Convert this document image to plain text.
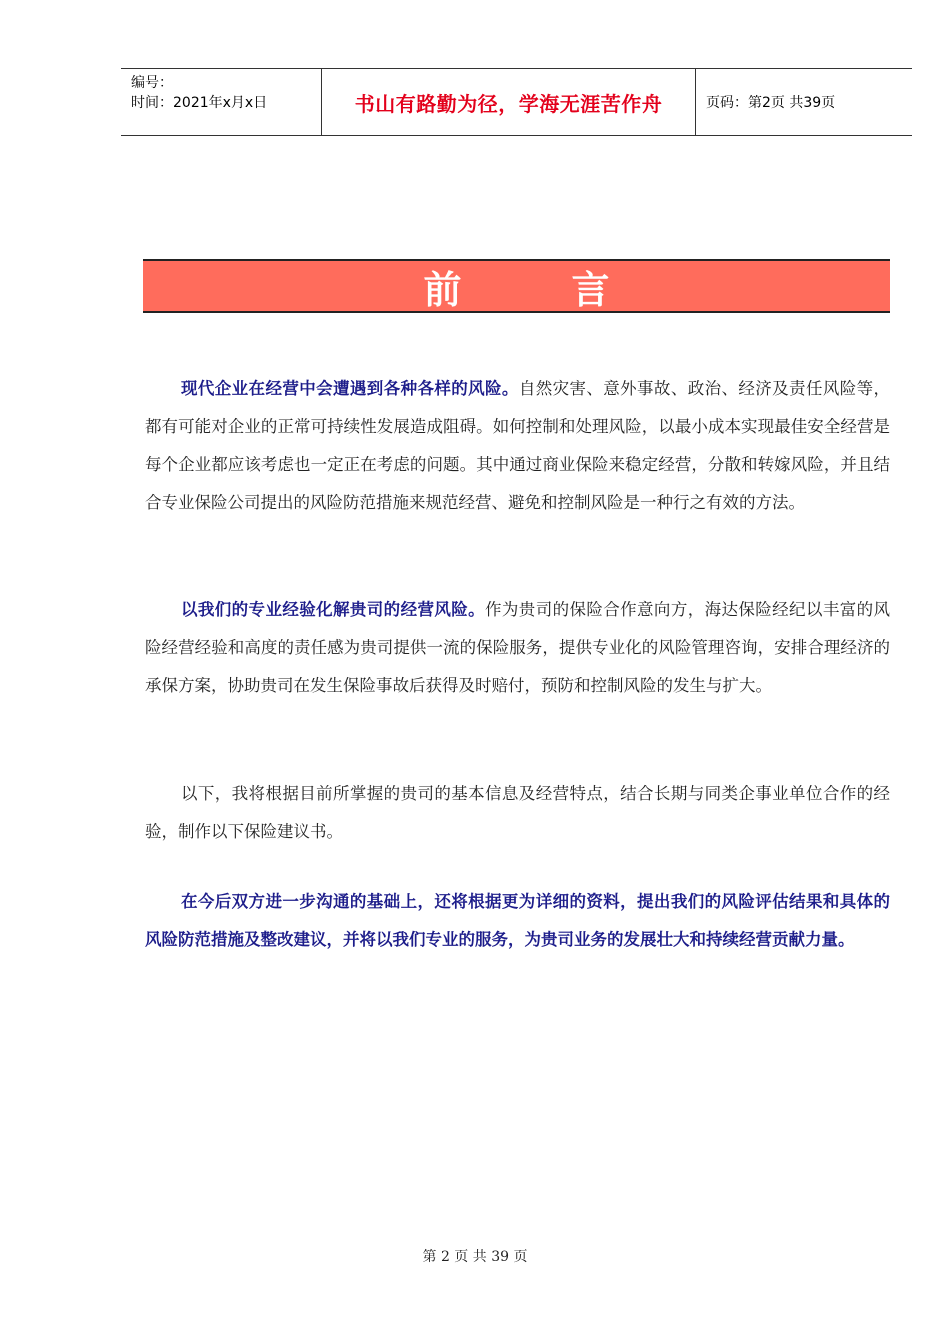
编号：
时间：2021年x月x日	书山有路勤为径，学海无涯苦作舟	页码：第2页 共39页
前言

现代企业在经营中会遭遇到各种各样的风险。自然灾害、意外事故、政治、经济及责任风险等，都有可能对企业的正常可持续性发展造成阻碍。如何控制和处理风险，以最小成本实现最佳安全经营是每个企业都应该考虑也一定正在考虑的问题。其中通过商业保险来稳定经营，分散和转嫁风险，并且结合专业保险公司提出的风险防范措施来规范经营、避免和控制风险是一种行之有效的方法。

以我们的专业经验化解贵司的经营风险。作为贵司的保险合作意向方，海达保险经纪以丰富的风险经营经验和高度的责任感为贵司提供一流的保险服务，提供专业化的风险管理咨询，安排合理经济的承保方案，协助贵司在发生保险事故后获得及时赔付，预防和控制风险的发生与扩大。

以下，我将根据目前所掌握的贵司的基本信息及经营特点，结合长期与同类企事业单位合作的经验，制作以下保险建议书。

在今后双方进一步沟通的基础上，还将根据更为详细的资料，提出我们的风险评估结果和具体的风险防范措施及整改建议，并将以我们专业的服务，为贵司业务的发展壮大和持续经营贡献力量。

第 2 页 共 39 页
